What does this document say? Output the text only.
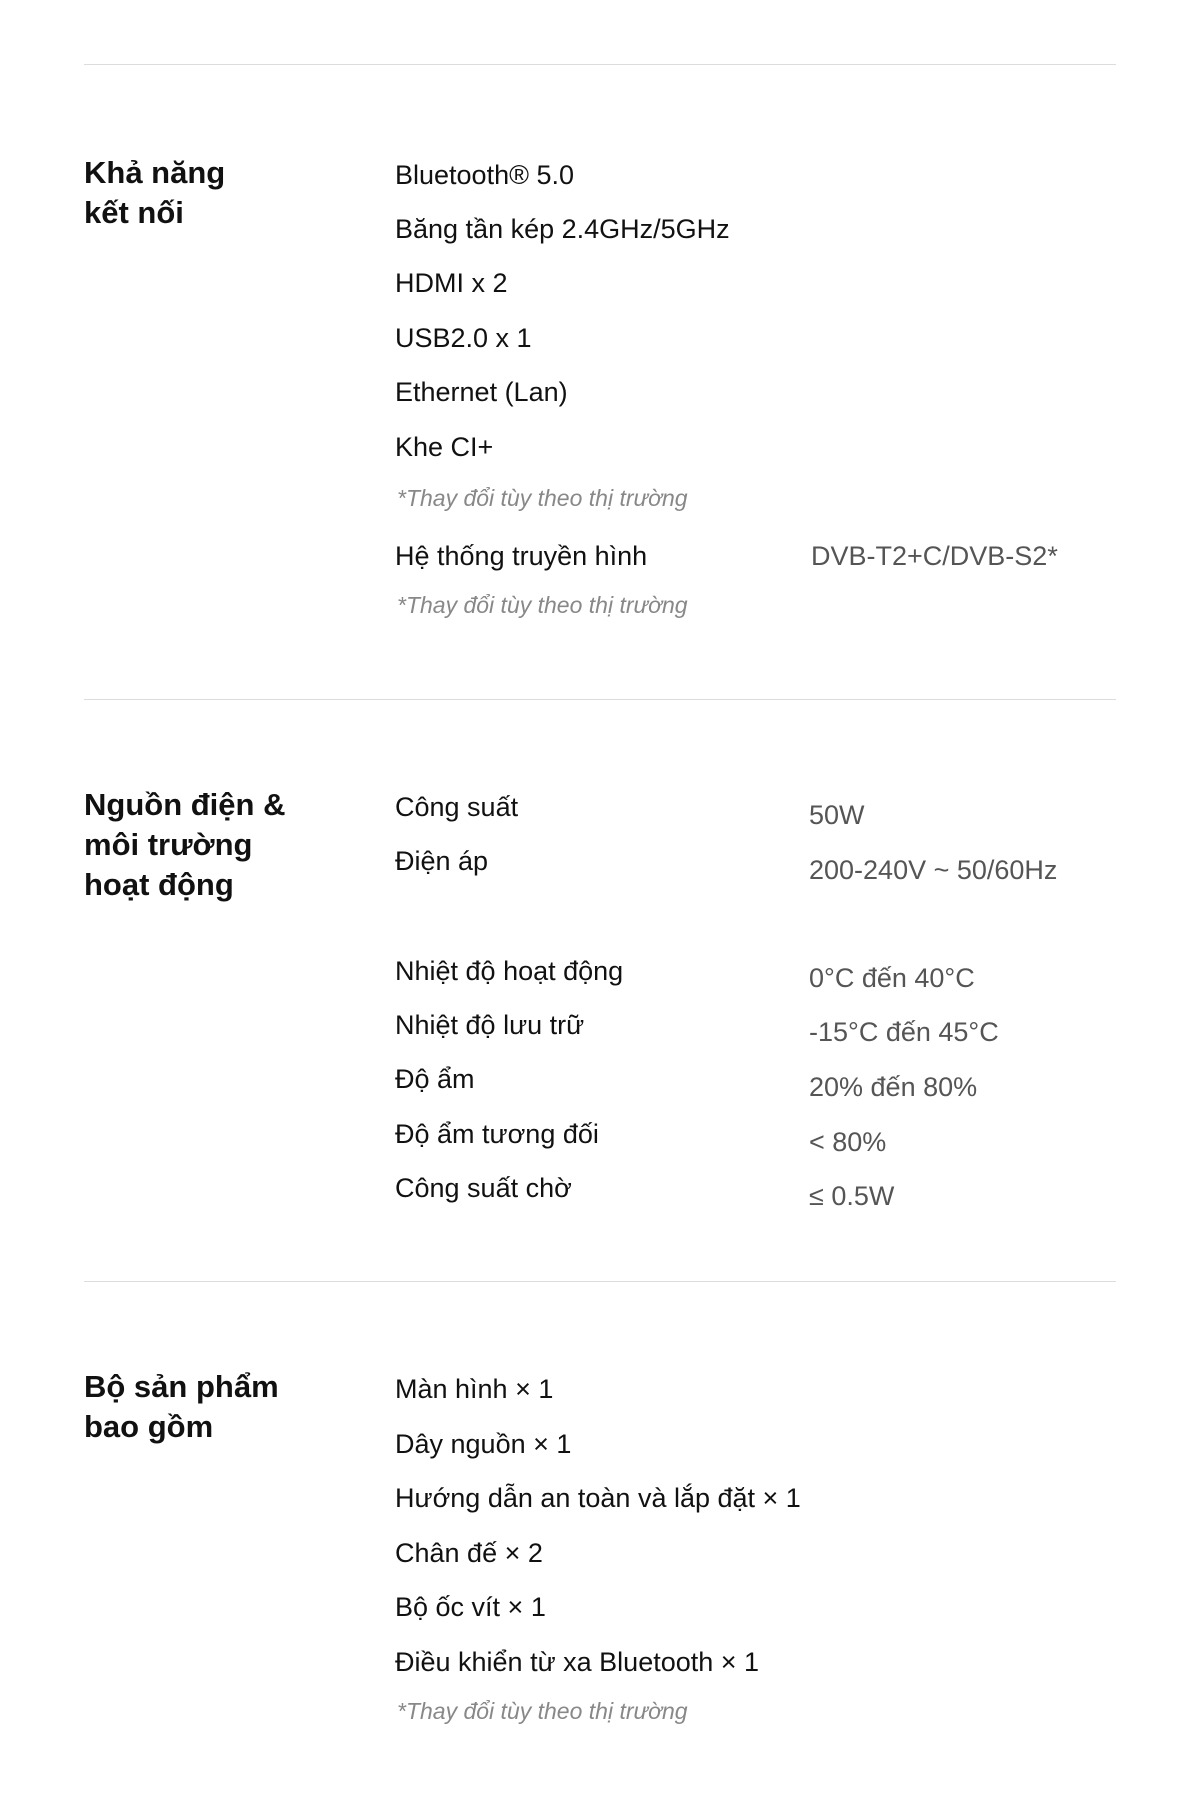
Khả năng
kết nối
Bluetooth® 5.0
Băng tần kép 2.4GHz/5GHz
HDMI x 2
USB2.0 x 1
Ethernet (Lan)
Khe CI+
*Thay đổi tùy theo thị trường
Hệ thống truyền hình	DVB-T2+C/DVB-S2*
*Thay đổi tùy theo thị trường
Nguồn điện &
môi trường
hoạt động
Công suất	50W
Điện áp	200-240V ~ 50/60Hz
Nhiệt độ hoạt động	0°C đến 40°C
Nhiệt độ lưu trữ	-15°C đến 45°C
Độ ẩm	20% đến 80%
Độ ẩm tương đối	< 80%
Công suất chờ	≤ 0.5W
Bộ sản phẩm
bao gồm
Màn hình × 1
Dây nguồn × 1
Hướng dẫn an toàn và lắp đặt × 1
Chân đế × 2
Bộ ốc vít × 1
Điều khiển từ xa Bluetooth × 1
*Thay đổi tùy theo thị trường
